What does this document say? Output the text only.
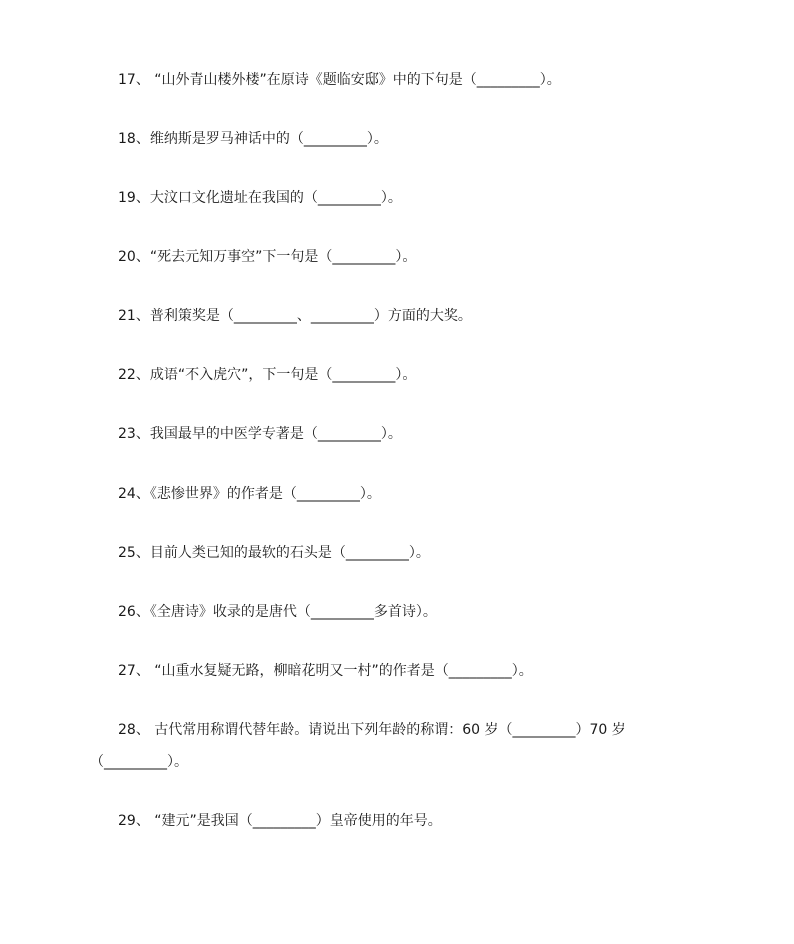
17、 “山外青山楼外楼”在原诗《题临安邸》中的下句是（_________）。
18、维纳斯是罗马神话中的（_________）。
19、大汶口文化遗址在我国的（_________）。
20、“死去元知万事空”下一句是（_________）。
21、普利策奖是（_________、_________）方面的大奖。
22、成语“不入虎穴”，下一句是（_________）。
23、我国最早的中医学专著是（_________）。
24、《悲惨世界》的作者是（_________）。
25、目前人类已知的最软的石头是（_________）。
26、《全唐诗》收录的是唐代（_________多首诗）。
27、 “山重水复疑无路，柳暗花明又一村”的作者是（_________）。
28、 古代常用称谓代替年龄。请说出下列年龄的称谓：60 岁（_________）70 岁
（_________）。
29、 “建元”是我国（_________）皇帝使用的年号。
